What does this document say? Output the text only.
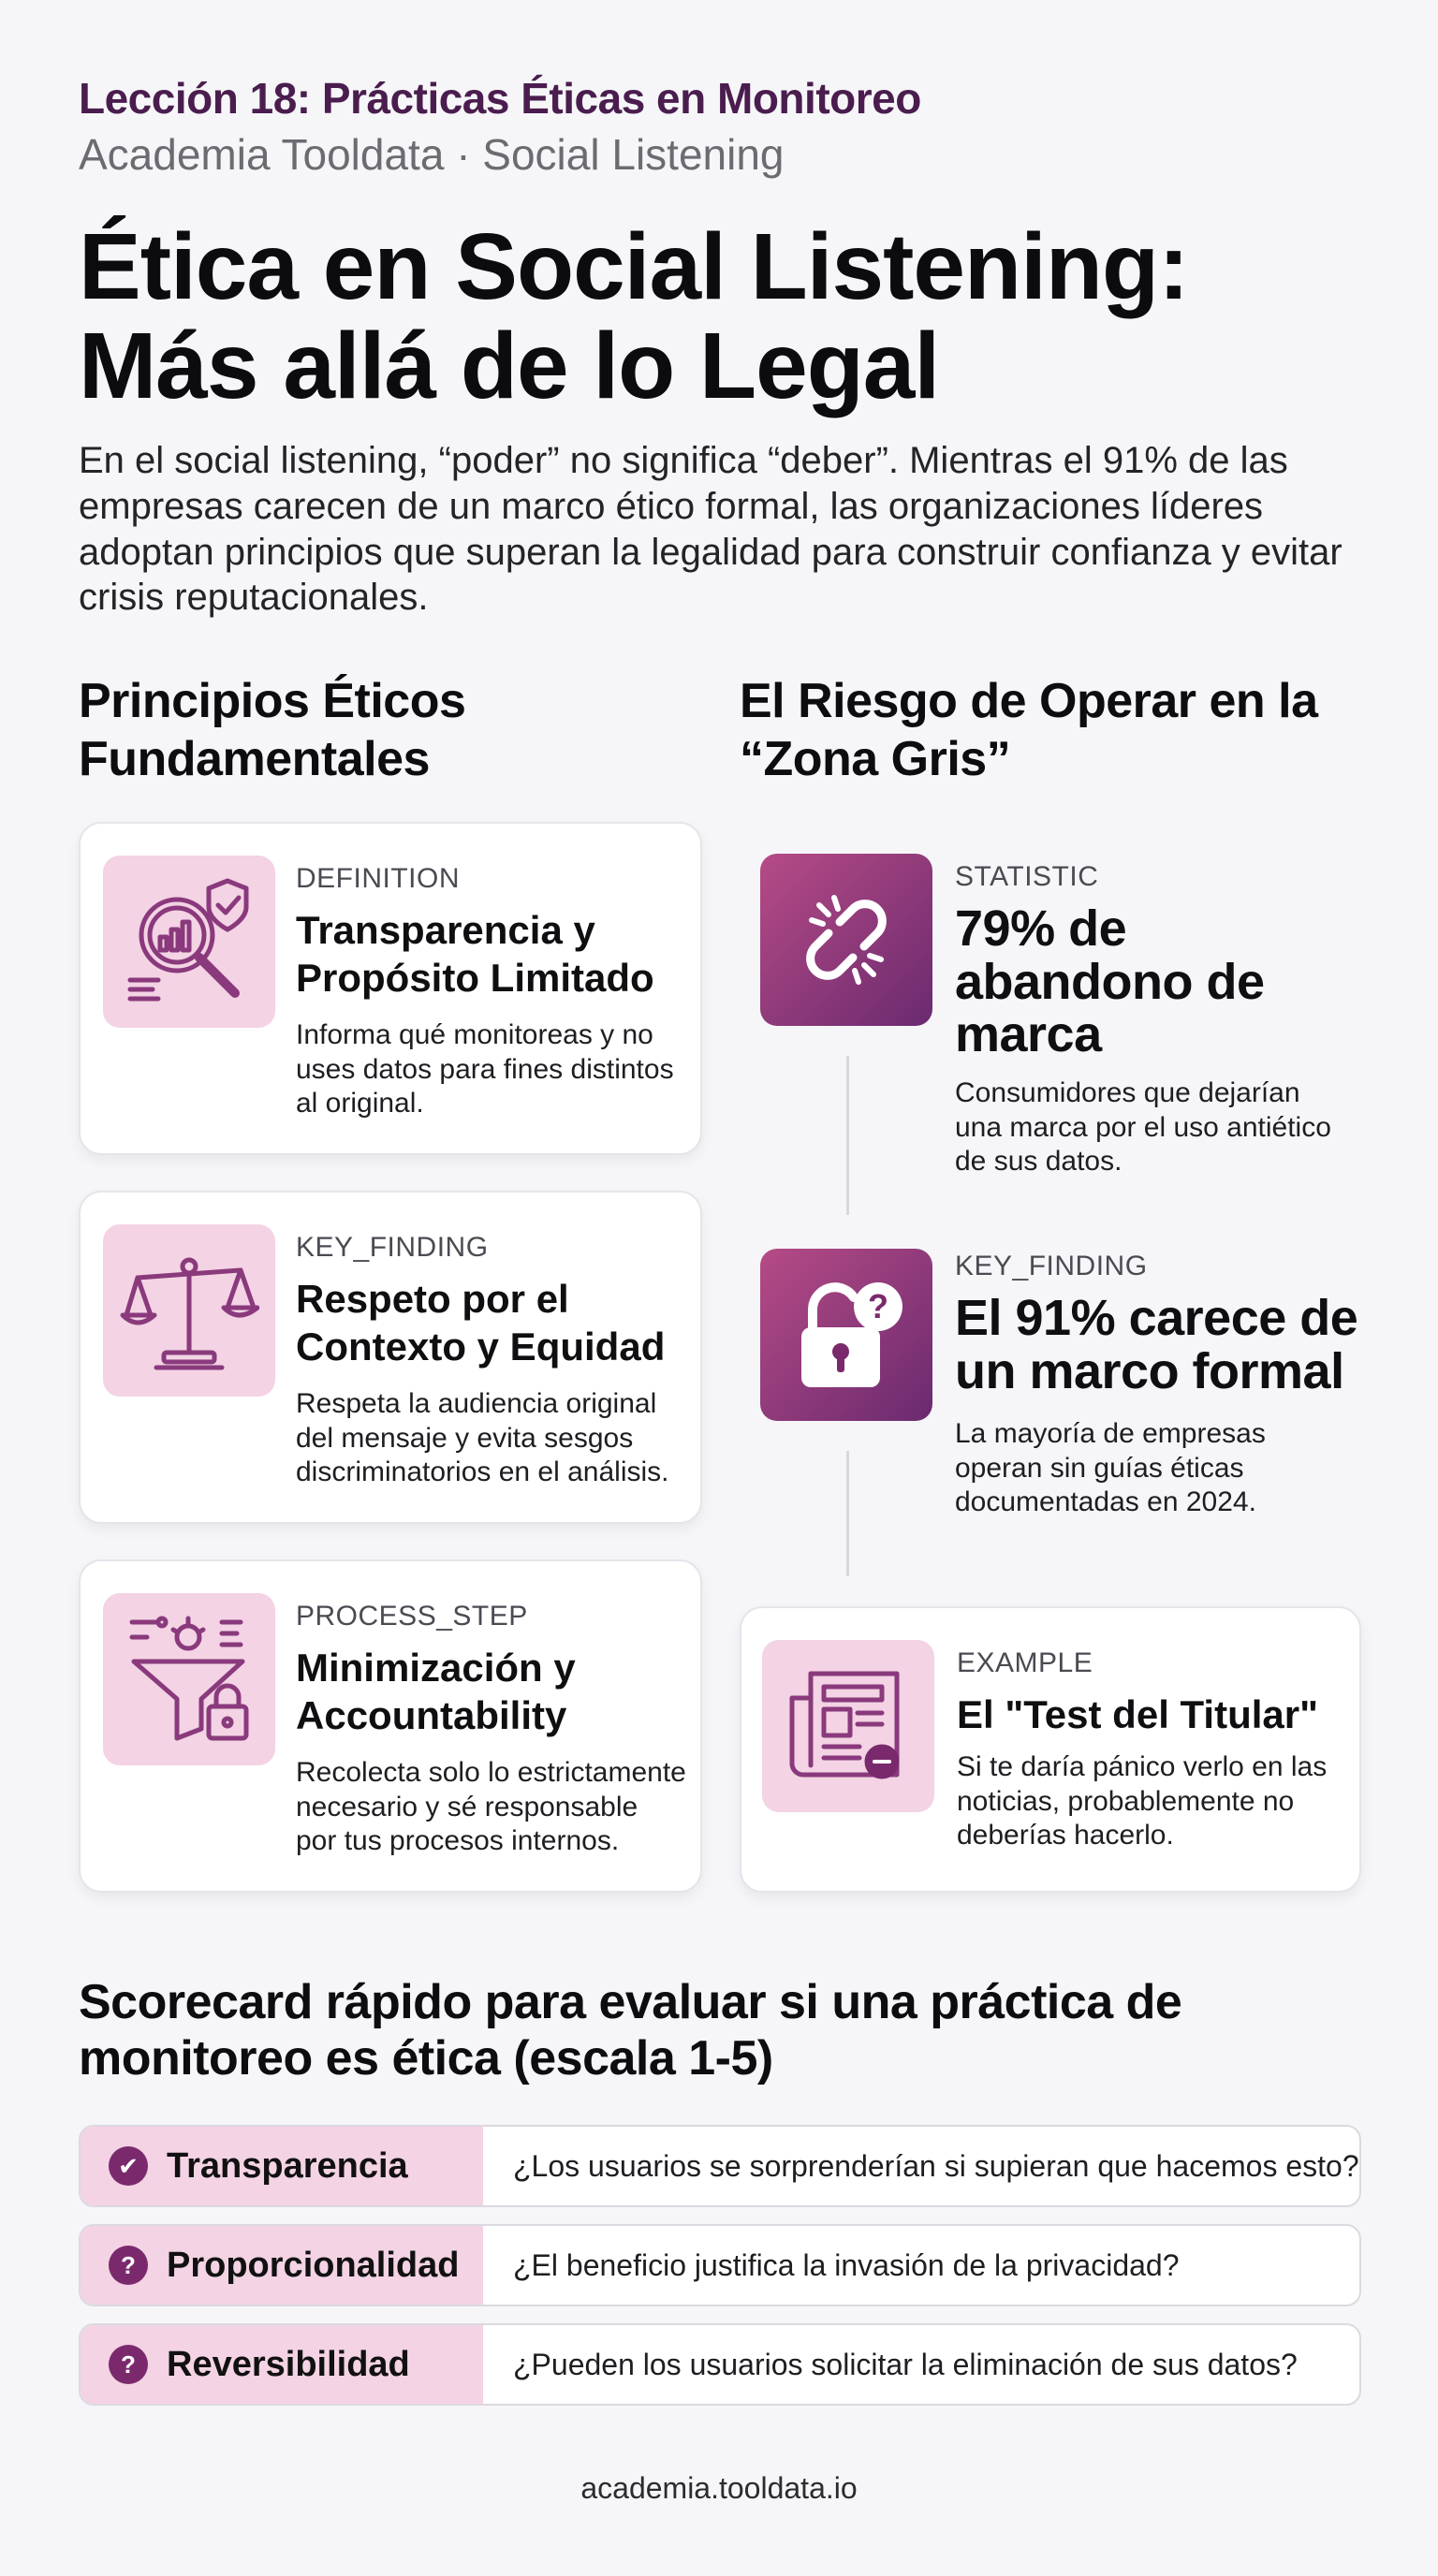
Lección 18: Prácticas Éticas en Monitoreo
Academia Tooldata · Social Listening
Ética en Social Listening:
Más allá de lo Legal

En el social listening, “poder” no significa “deber”. Mientras el 91% de las empresas carecen de un marco ético formal, las organizaciones líderes adoptan principios que superan la legalidad para construir confianza y evitar crisis reputacionales.

Principios Éticos
Fundamentales
El Riesgo de Operar en la
“Zona Gris”
DEFINITION
Transparencia y
Propósito Limitado
Informa qué monitoreas y no
uses datos para fines distintos
al original.
KEY_FINDING
Respeto por el
Contexto y Equidad
Respeta la audiencia original
del mensaje y evita sesgos
discriminatorios en el análisis.
PROCESS_STEP
Minimización y
Accountability
Recolecta solo lo estrictamente
necesario y sé responsable
por tus procesos internos.
STATISTIC
79% de
abandono de
marca
Consumidores que dejarían
una marca por el uso antiético
de sus datos.
?
KEY_FINDING
El 91% carece de
un marco formal
La mayoría de empresas
operan sin guías éticas
documentadas en 2024.
EXAMPLE
El "Test del Titular"
Si te daría pánico verlo en las
noticias, probablemente no
deberías hacerlo.
Scorecard rápido para evaluar si una práctica de
monitoreo es ética (escala 1-5)
✔ Transparencia	¿Los usuarios se sorprenderían si supieran que hacemos esto?
? Proporcionalidad ¿El beneficio justifica la invasión de la privacidad?
? Reversibilidad	¿Pueden los usuarios solicitar la eliminación de sus datos?
academia.tooldata.io
